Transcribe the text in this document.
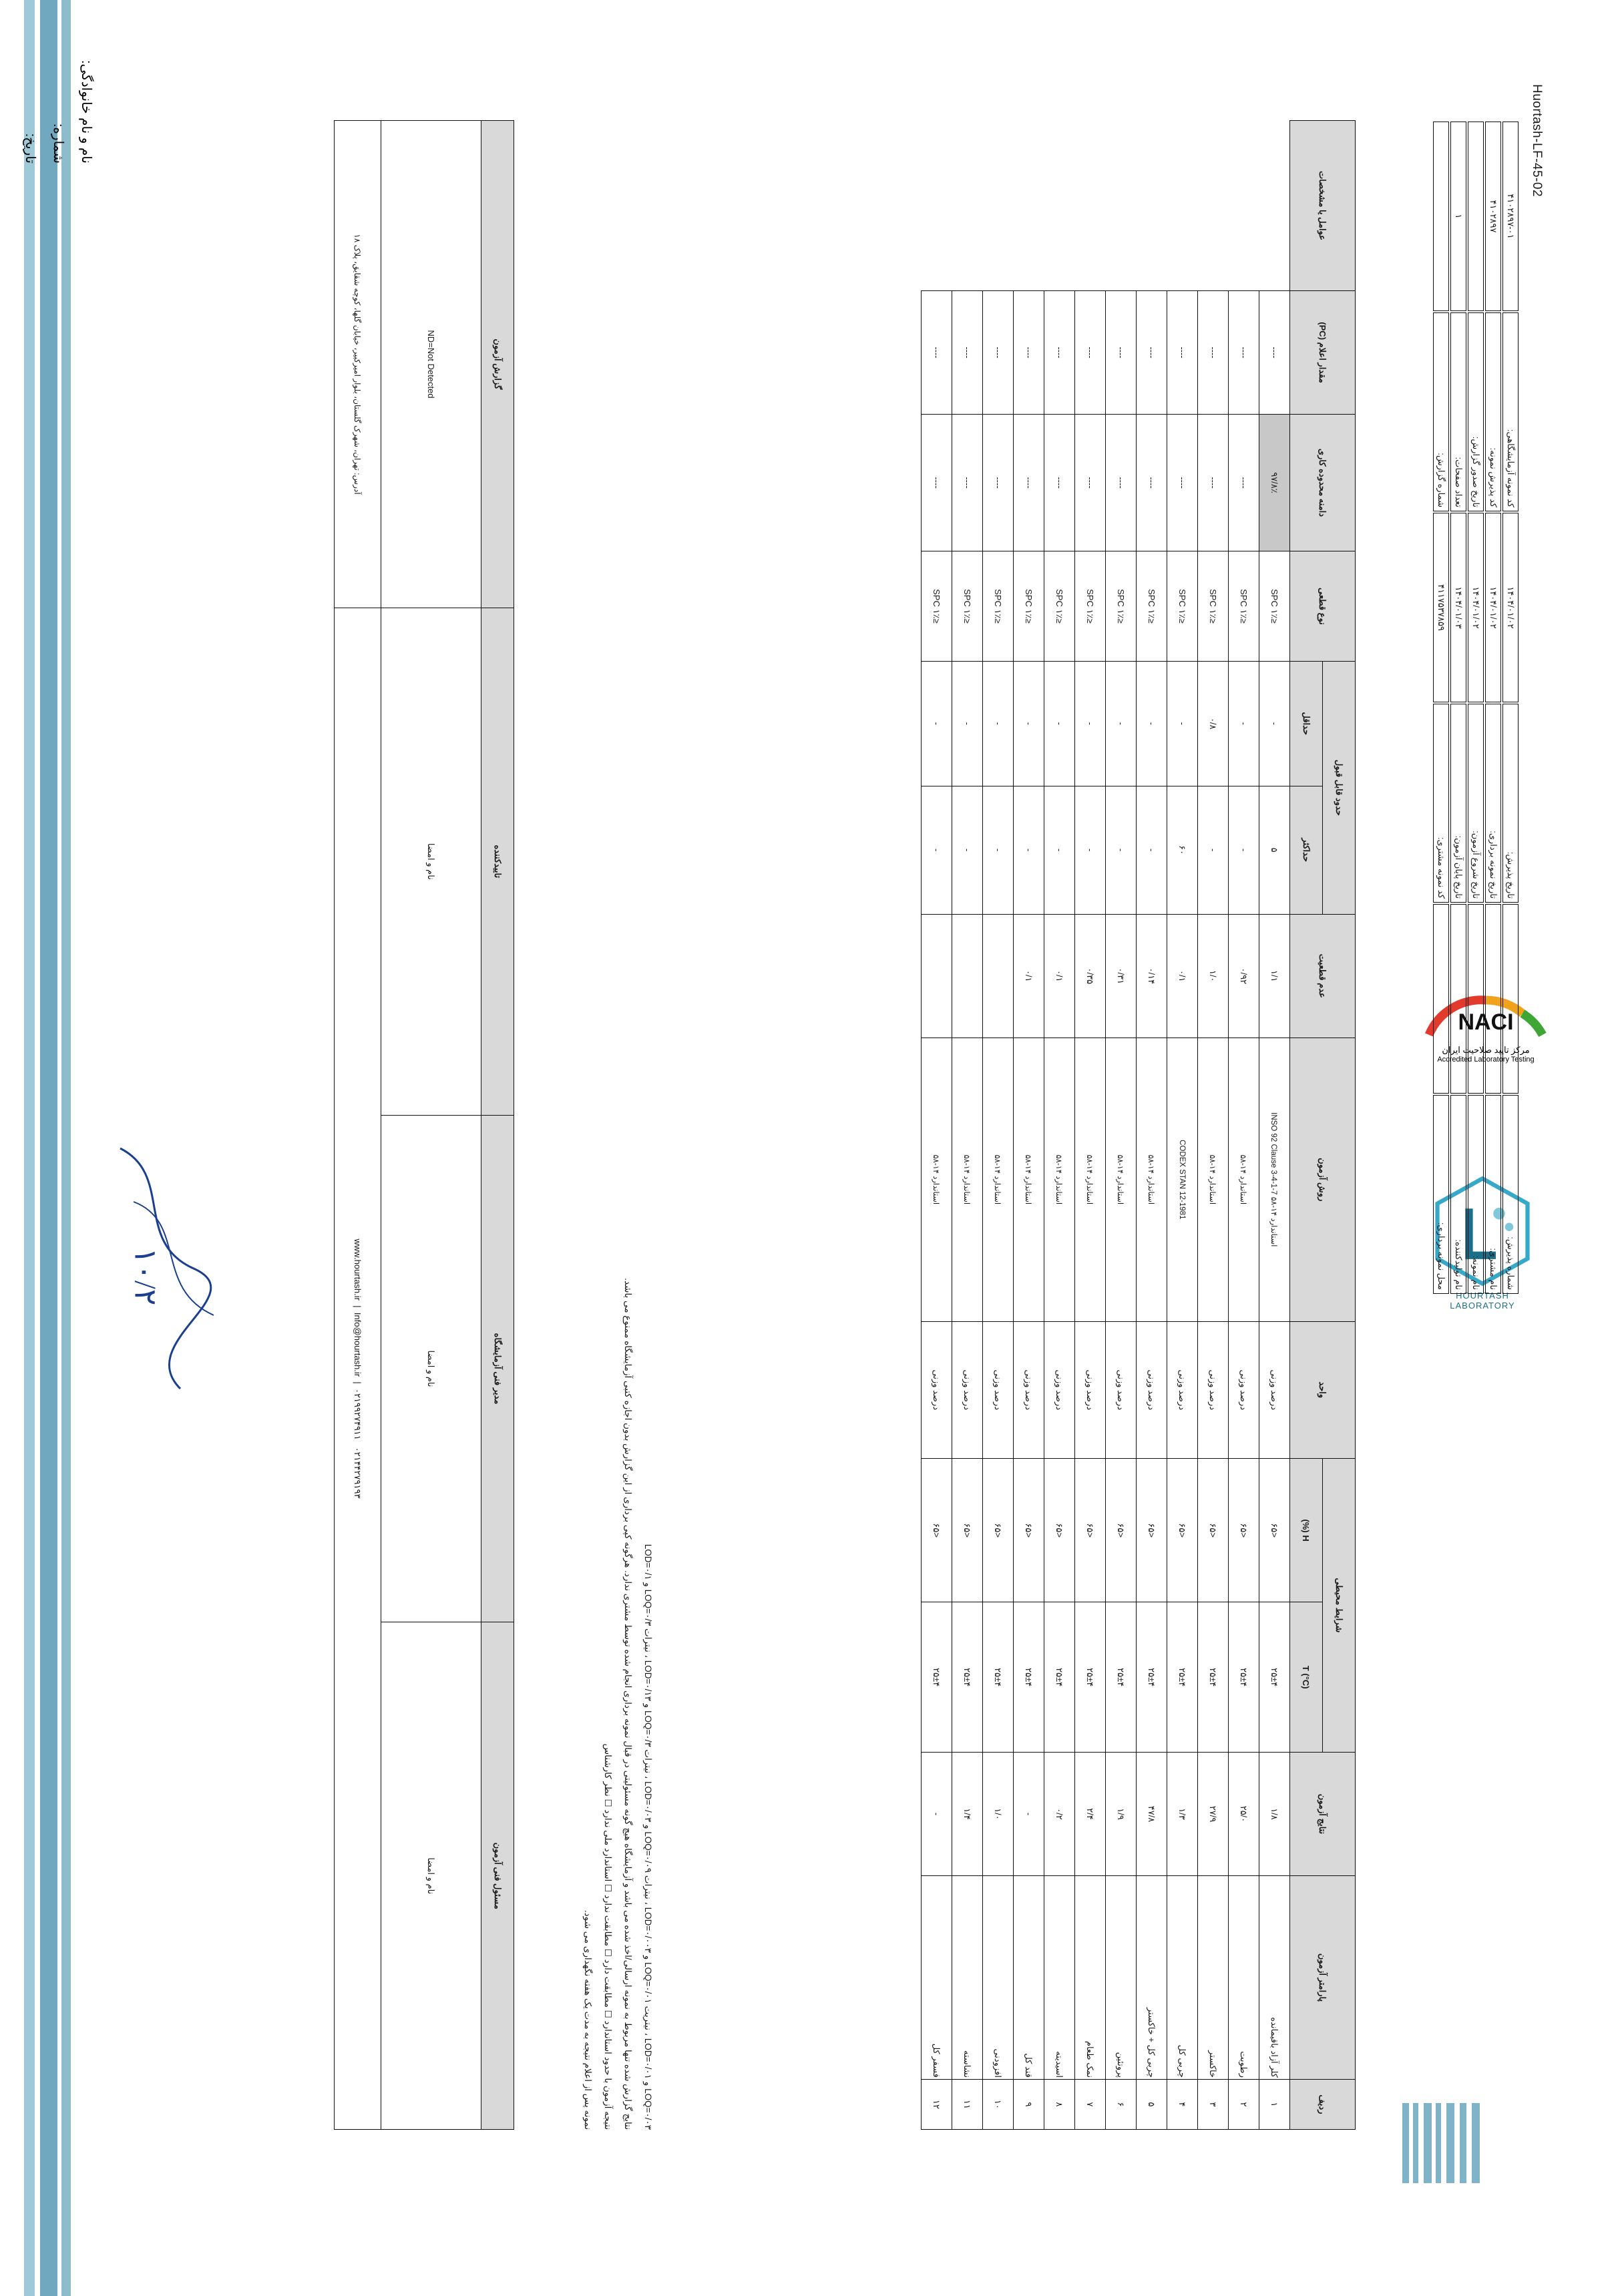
نام و نام خانوادگی:
شماره:
تاریخ:
NACI
مرکز تایید صلاحیت ایران
Accredited Laboratory Testing
HOURTASH LABORATORY
Huortash-LF-45-02
شماره پذیرش:		تاریخ پذیرش:	۱۴۰۴/۰۱/۰۲	کد نمونه آزمایشگاهی:	۴۱۰۲۸۹۷-۰۱
نام مشتری:		تاریخ نمونه برداری:	۱۴۰۴/۰۱/۰۲	کد پذیرش نمونه:	۴۱۰۲۸۹۷
نام نمونه:		تاریخ شروع آزمون:	۱۴۰۴/۰۱/۰۲	تاریخ صدور گزارش:	
نام تولیدکننده:		تاریخ پایان آزمون:	۱۴۰۴/۰۱/۰۳	تعداد صفحات:	۱
محل نمونه برداری:		کد نمونه مشتری:	۴۱۱۷۵۳۷۸۵۹	شماره گزارش:	
ردیف	پارامتر آزمون	نتایج آزمون	شرایط محیطی		واحد	روش آزمون	عدم قطعیت	حدود قابل قبول		نوع قطعی	دامنه محدوده کاری	مقدار اعلام (PC)	عوامل یا مشخصات
			T (°C)	H (%)				حداکثر	حداقل				
۱	کلر آزاد باقیمانده	۱/۸	۲۵±۴	<۶۵	درصد وزنی	استاندارد ۱۴-۵۸ INSO 92 Clause 3-4-1-7	۱/۱	۵	-	≤۱٪ SPC	۹۷/۸٪	----	
۲	رطوبت	۲۵/۰	۲۵±۴	<۶۵	درصد وزنی	استاندارد ۱۴-۵۸	۰/۹۲	-	-	≤۱٪ SPC	----	----	
۳	خاکستر	۲۷/۹	۲۵±۴	<۶۵	درصد وزنی	استاندارد ۱۴-۵۸	۱/۰	-	۰/۸	≤۱٪ SPC	----	----	
۴	چربی کل	۱/۳	۲۵±۴	<۶۵	درصد وزنی	CODEX STAN 12-1981	۰/۱	۶۰	-	≤۱٪ SPC	----	----	
۵	چربی کل + خاکستر	۴۷/۸	۲۵±۴	<۶۵	درصد وزنی	استاندارد ۱۴-۵۸	۰/۱۴	-	-	≤۱٪ SPC	----	----	
۶	پروتئین	۱/۹	۲۵±۴	<۶۵	درصد وزنی	استاندارد ۱۴-۵۸	۰/۳۱	-	-	≤۱٪ SPC	----	----	
۷	نمک طعام	۲/۴	۲۵±۴	<۶۵	درصد وزنی	استاندارد ۱۴-۵۸	۰/۳۵	-	-	≤۱٪ SPC	----	----	
۸	اسیدیته	۰/۲	۲۵±۴	<۶۵	درصد وزنی	استاندارد ۱۴-۵۸	۰/۱	-	-	≤۱٪ SPC	----	----	
۹	قند کل	-	۲۵±۴	<۶۵	درصد وزنی	استاندارد ۱۴-۵۸	۰/۱	-	-	≤۱٪ SPC	----	----	
۱۰	افزودنی	۱/۰	۲۵±۴	<۶۵	درصد وزنی	استاندارد ۱۴-۵۸		-	-	≤۱٪ SPC	----	----	
۱۱	نشاسته	۱/۴	۲۵±۴	<۶۵	درصد وزنی	استاندارد ۱۴-۵۸		-	-	≤۱٪ SPC	----	----	
۱۲	فسفر کل	-	۲۵±۴	<۶۵	درصد وزنی	استاندارد ۱۴-۵۸		-	-	≤۱٪ SPC	----	----	
LOQ=۰/۰۳ و LOD=۰/۰۱ ، نیتریت LOQ=۰/۰۱ و LOD=۰/۰۰۳ ، نیترات LOQ=۰/۰۹ و LOD=۰/۰۳ ، نیترات LOQ=۰/۳ و LOD=۰/۱۳ ، نیترات LOQ=۰/۳ و LOD=۰/۱
نتایج گزارش شده تنها مربوط به نمونه ارسالی/اخذ شده می باشد و آزمایشگاه هیچ گونه مسئولیتی در قبال نمونه برداری انجام شده توسط مشتری ندارد. هرگونه کپی برداری از این گزارش بدون اجازه کتبی آزمایشگاه ممنوع می باشد.
نتیجه آزمون با حدود استاندارد ☐ مطابقت دارد ☐ مطابقت ندارد ☐ استاندارد ملی ندارد ☐ نظر کارشناس
نمونه پس از اعلام نتیجه به مدت یک هفته نگهداری می شود.
مسئول فنی آزمون	مدیر فنی آزمایشگاه	تاییدکننده	گزارش آزمون
نام و امضا	نام و امضا	نام و امضا	ND=Not Detected
www.hourtash.ir  |  Info@hourtash.ir  |  ۰۲۱۹۹۲۷۴۹۱۱   ۰۲۱۴۴۲۷۹۱۹۳			آدرس: تهران، شهرک گلستان، بلوار امیرکبیر، خیابان گلها، کوچه شقایق، پلاک ۱۸
۱۰/۲
